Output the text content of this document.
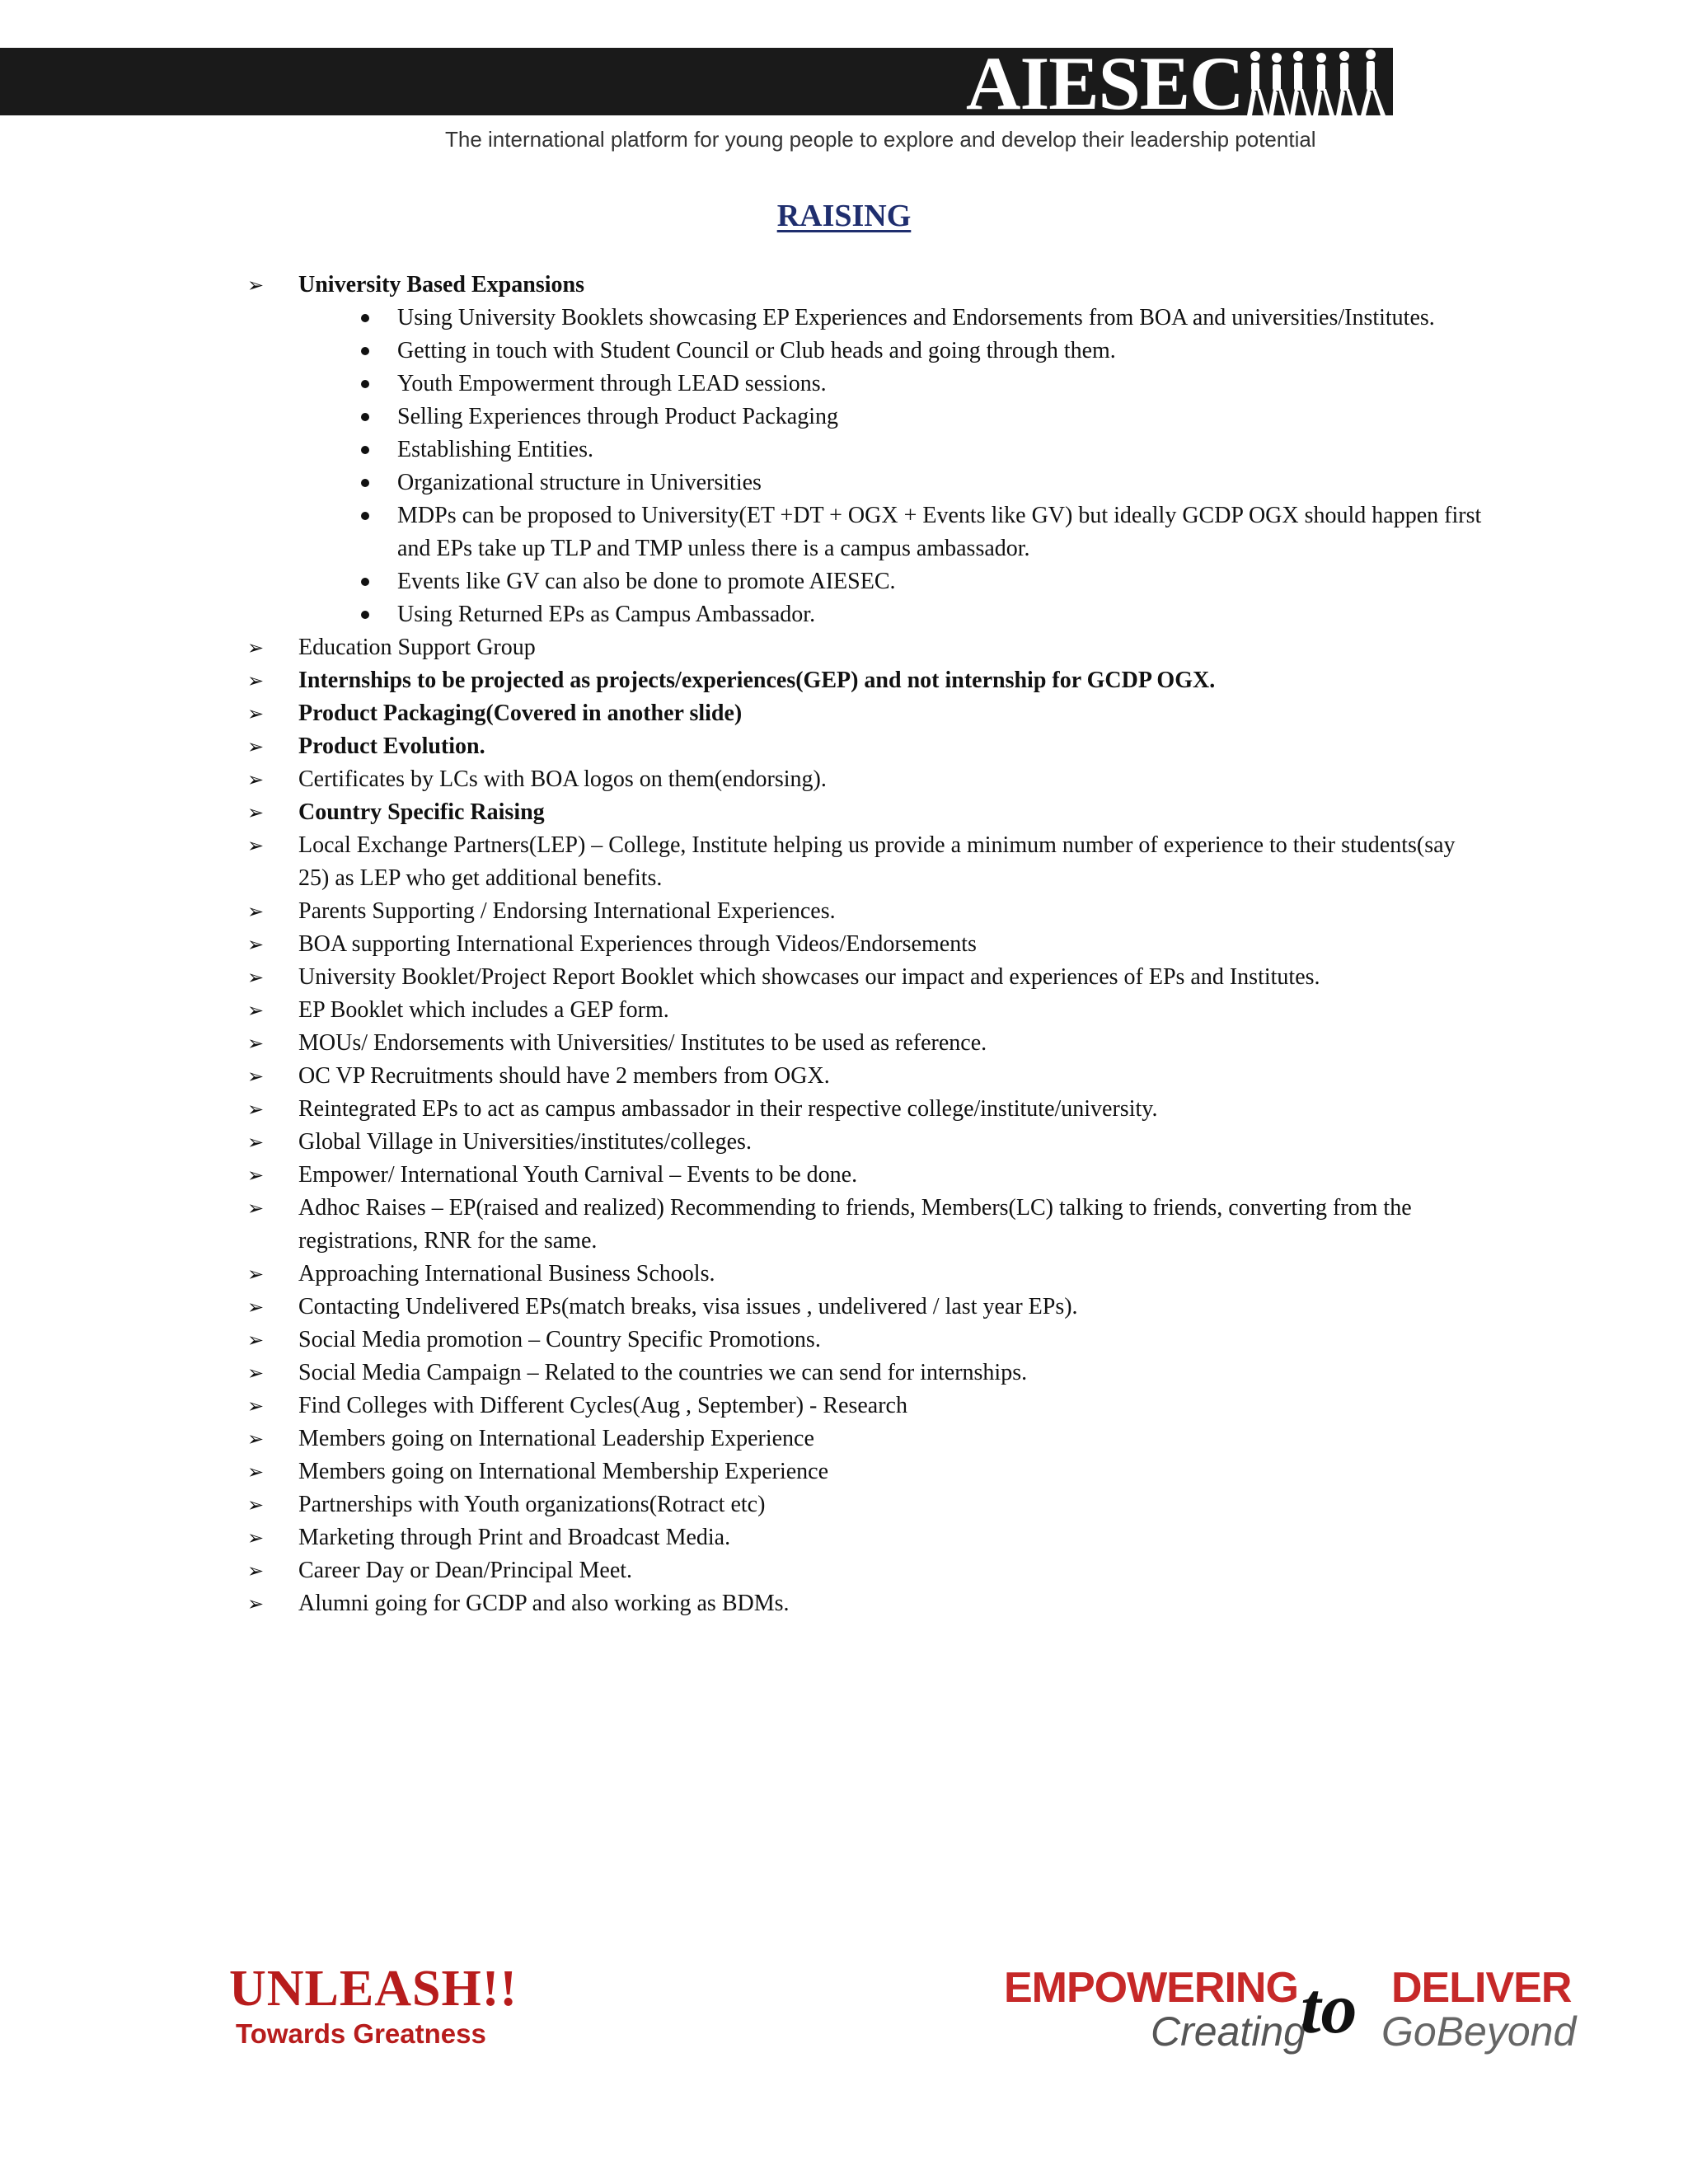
AIESEC
The international platform for young people to explore and develop their leadership potential
RAISING
➢	University Based Expansions
Using University Booklets showcasing EP Experiences and Endorsements from BOA and universities/Institutes.
Getting in touch with Student Council or Club heads and going through them.
Youth Empowerment through LEAD sessions.
Selling Experiences through Product Packaging
Establishing Entities.
Organizational structure in Universities
MDPs can be proposed to University(ET +DT + OGX + Events like GV) but ideally GCDP OGX should happen first and EPs take up TLP and TMP unless there is a campus ambassador.
Events like GV can also be done to promote AIESEC.
Using Returned EPs as Campus Ambassador.
➢	Education Support Group
➢	Internships to be projected as projects/experiences(GEP) and not internship for GCDP OGX.
➢	Product Packaging(Covered in another slide)
➢	Product Evolution.
➢	Certificates by LCs with BOA logos on them(endorsing).
➢	Country Specific Raising
➢	Local Exchange Partners(LEP) – College, Institute helping us provide a minimum number of experience to their students(say 25) as LEP who get additional benefits.
➢	Parents Supporting / Endorsing International Experiences.
➢	BOA supporting International Experiences through Videos/Endorsements
➢	University Booklet/Project Report Booklet which showcases our impact and experiences of EPs and Institutes.
➢	EP Booklet which includes a GEP form.
➢	MOUs/ Endorsements with Universities/ Institutes to be used as reference.
➢	OC VP Recruitments should have 2 members from OGX.
➢	Reintegrated EPs to act as campus ambassador in their respective college/institute/university.
➢	Global Village in Universities/institutes/colleges.
➢	Empower/ International Youth Carnival – Events to be done.
➢	Adhoc Raises – EP(raised and realized) Recommending to friends, Members(LC) talking to friends, converting from the registrations, RNR for the same.
➢	Approaching International Business Schools.
➢	Contacting Undelivered EPs(match breaks, visa issues , undelivered / last year EPs).
➢	Social Media promotion – Country Specific Promotions.
➢	Social Media Campaign – Related to the countries we can send for internships.
➢	Find Colleges with Different Cycles(Aug , September) - Research
➢	Members going on International Leadership Experience
➢	Members going on International Membership Experience
➢	Partnerships with Youth organizations(Rotract etc)
➢	Marketing through Print and Broadcast Media.
➢	Career Day or Dean/Principal Meet.
➢	Alumni going for GCDP and also working as BDMs.
UNLEASH!!
Towards Greatness
EMPOWERING DELIVER
Creating GoBeyond
to
